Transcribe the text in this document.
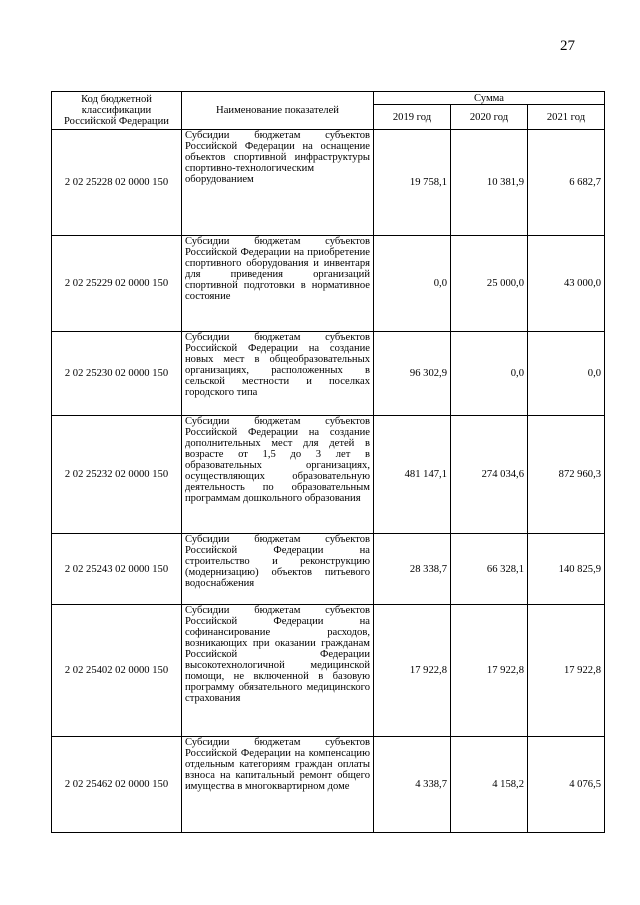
27
Код бюджетной классификации Российской Федерации	Наименование показателей	Сумма		
		2019 год	2020 год	2021 год
2 02 25228 02 0000 150	Субсидии бюджетам субъектов Российской Федерации на оснащение объектов спортивной инфраструктуры спортивно-технологическим оборудованием	19 758,1	10 381,9	6 682,7
2 02 25229 02 0000 150	Субсидии бюджетам субъектов Российской Федерации на приобретение спортивного оборудования и инвентаря для приведения организаций спортивной подготовки в нормативное состояние	0,0	25 000,0	43 000,0
2 02 25230 02 0000 150	Субсидии бюджетам субъектов Российской Федерации на создание новых мест в общеобразовательных организациях, расположенных в сельской местности и поселках городского типа	96 302,9	0,0	0,0
2 02 25232 02 0000 150	Субсидии бюджетам субъектов Российской Федерации на создание дополнительных мест для детей в возрасте от 1,5 до 3 лет в образовательных организациях, осуществляющих образовательную деятельность по образовательным программам дошкольного образования	481 147,1	274 034,6	872 960,3
2 02 25243 02 0000 150	Субсидии бюджетам субъектов Российской Федерации на строительство и реконструкцию (модернизацию) объектов питьевого водоснабжения	28 338,7	66 328,1	140 825,9
2 02 25402 02 0000 150	Субсидии бюджетам субъектов Российской Федерации на софинансирование расходов, возникающих при оказании гражданам Российской Федерации высокотехнологичной медицинской помощи, не включенной в базовую программу обязательного медицинского страхования	17 922,8	17 922,8	17 922,8
2 02 25462 02 0000 150	Субсидии бюджетам субъектов Российской Федерации на компенсацию отдельным категориям граждан оплаты взноса на капитальный ремонт общего имущества в многоквартирном доме	4 338,7	4 158,2	4 076,5
